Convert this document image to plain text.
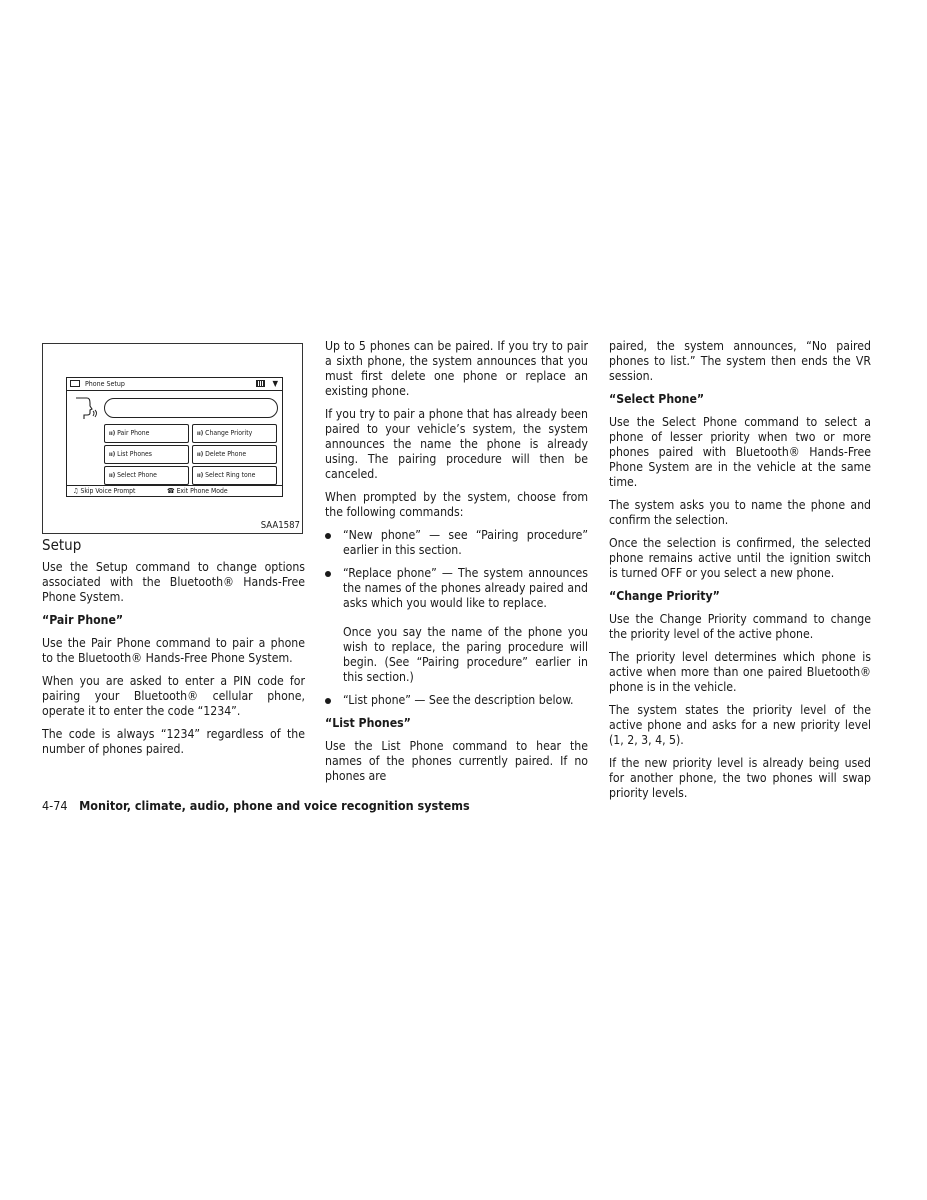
Phone Setup	▼
ıı) Pair Phone	ıı) Change Priority
ıı) List Phones	ıı) Delete Phone
ıı) Select Phone	ıı) Select Ring tone
♫ Skip Voice Prompt	☎ Exit Phone Mode
SAA1587
Setup

Use the Setup command to change options associated with the Bluetooth® Hands-Free Phone System.

“Pair Phone”

Use the Pair Phone command to pair a phone to the Bluetooth® Hands-Free Phone System.

When you are asked to enter a PIN code for pairing your Bluetooth® cellular phone, operate it to enter the code “1234”.

The code is always “1234” regardless of the number of phones paired.

Up to 5 phones can be paired. If you try to pair a sixth phone, the system announces that you must first delete one phone or replace an existing phone.

If you try to pair a phone that has already been paired to your vehicle’s system, the system announces the name the phone is already using. The pairing procedure will then be canceled.

When prompted by the system, choose from the following commands:

“New phone” — see “Pairing procedure” earlier in this section.
“Replace phone” — The system announces the names of the phones already paired and asks which you would like to replace.
Once you say the name of the phone you wish to replace, the paring procedure will begin. (See “Pairing procedure” earlier in this section.)
“List phone” — See the description below.
“List Phones”

Use the List Phone command to hear the names of the phones currently paired. If no phones are

paired, the system announces, “No paired phones to list.” The system then ends the VR session.

“Select Phone”

Use the Select Phone command to select a phone of lesser priority when two or more phones paired with Bluetooth® Hands-Free Phone System are in the vehicle at the same time.

The system asks you to name the phone and confirm the selection.

Once the selection is confirmed, the selected phone remains active until the ignition switch is turned OFF or you select a new phone.

“Change Priority”

Use the Change Priority command to change the priority level of the active phone.

The priority level determines which phone is active when more than one paired Bluetooth® phone is in the vehicle.

The system states the priority level of the active phone and asks for a new priority level (1, 2, 3, 4, 5).

If the new priority level is already being used for another phone, the two phones will swap priority levels.

4-74 Monitor, climate, audio, phone and voice recognition systems
